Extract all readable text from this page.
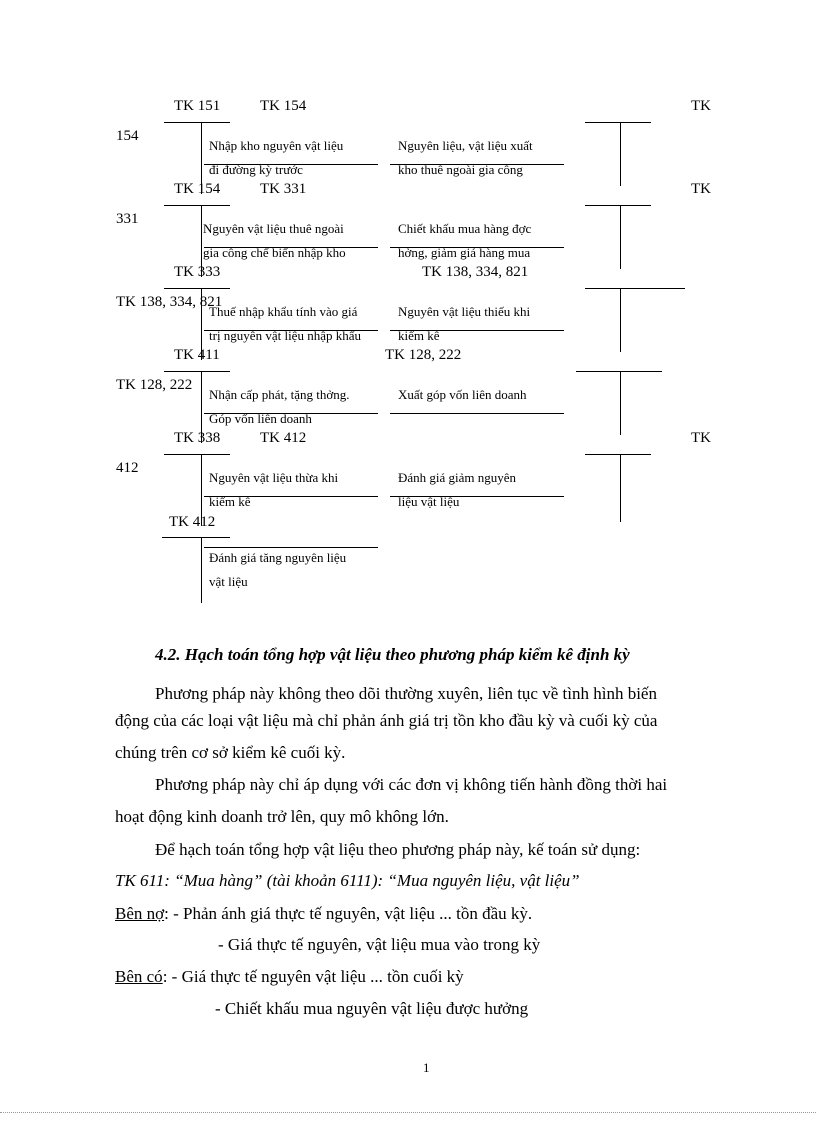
TK 151	TK 154	TK
154
Nhập kho nguyên vật liệu
đi đường kỳ trước
Nguyên liệu, vật liệu xuất
kho thuê ngoài gia công
TK 154	TK 331	TK
331
Nguyên vật liệu thuê ngoài
gia công chế biến nhập kho
Chiết khấu mua hàng đợc
hởng, giảm giá hàng mua
TK 333	TK 138, 334, 821
TK 138, 334, 821
Thuế nhập khẩu tính vào giá
trị nguyên vật liệu nhập khẩu
Nguyên vật liệu thiếu khi
kiểm kê
TK 411	TK 128, 222
TK 128, 222
Nhận cấp phát, tặng thởng.
Góp vốn liên doanh
Xuất góp vốn liên doanh
TK 338	TK 412	TK
412
Nguyên vật liệu thừa khi
kiểm kê
Đánh giá giảm nguyên
liệu vật liệu
TK 412
Đánh giá tăng nguyên liệu
vật liệu
4.2. Hạch toán tổng hợp vật liệu theo phương pháp kiểm kê định kỳ
Phương pháp này không theo dõi thường xuyên, liên tục về tình hình biến
động của các loại vật liệu mà chỉ phản ánh giá trị tồn kho đầu kỳ và cuối kỳ của
chúng trên cơ sở kiểm kê cuối kỳ.
Phương pháp này chỉ áp dụng với các đơn vị không tiến hành đồng thời hai
hoạt động kinh doanh trở lên, quy mô không lớn.
Để hạch toán tổng hợp vật liệu theo phương pháp này, kế toán sử dụng:
TK 611: “Mua hàng” (tài khoản 6111): “Mua nguyên liệu, vật liệu”
Bên nợ: - Phản ánh giá thực tế nguyên, vật liệu ... tồn đầu kỳ.
- Giá thực tế nguyên, vật liệu mua vào trong kỳ
Bên có: - Giá thực tế nguyên vật liệu ... tồn cuối kỳ
- Chiết khấu mua nguyên vật liệu được hưởng
1
